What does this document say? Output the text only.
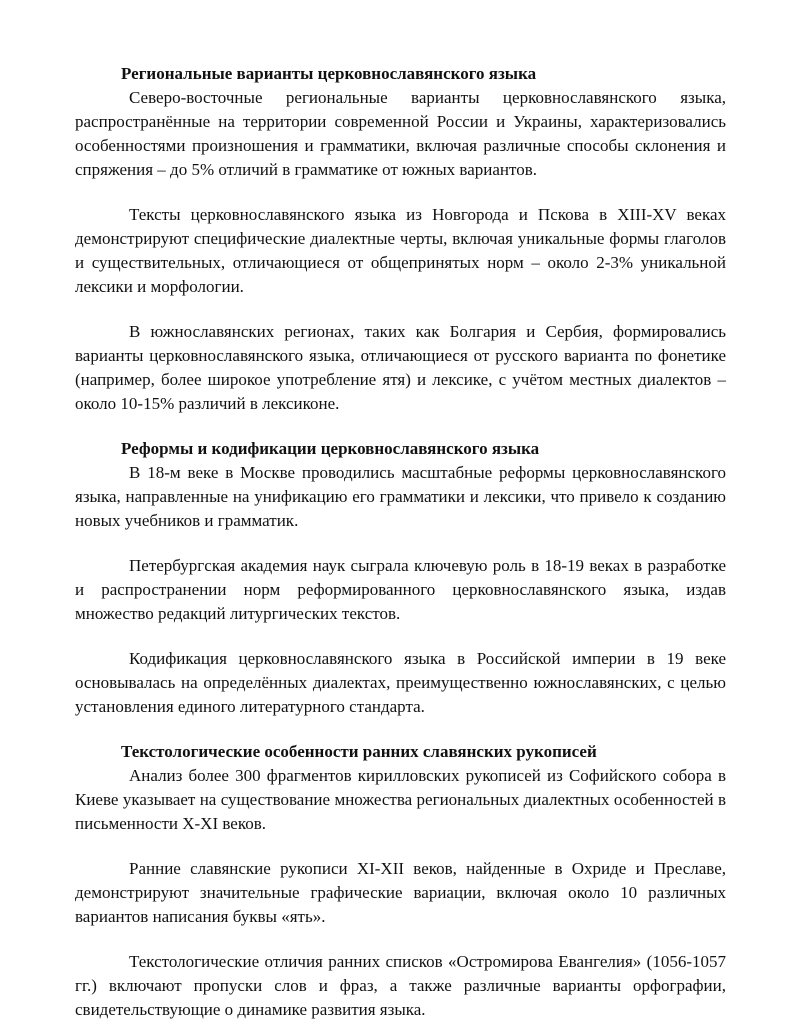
Региональные варианты церковнославянского языка

Северо-восточные региональные варианты церковнославянского языка, распространённые на территории современной России и Украины, характеризовались особенностями произношения и грамматики, включая различные способы склонения и спряжения – до 5% отличий в грамматике от южных вариантов.

Тексты церковнославянского языка из Новгорода и Пскова в XIII-XV веках демонстрируют специфические диалектные черты, включая уникальные формы глаголов и существительных, отличающиеся от общепринятых норм – около 2-3% уникальной лексики и морфологии.

В южнославянских регионах, таких как Болгария и Сербия, формировались варианты церковнославянского языка, отличающиеся от русского варианта по фонетике (например, более широкое употребление ятя) и лексике, с учётом местных диалектов – около 10-15% различий в лексиконе.

Реформы и кодификации церковнославянского языка

В 18-м веке в Москве проводились масштабные реформы церковнославянского языка, направленные на унификацию его грамматики и лексики, что привело к созданию новых учебников и грамматик.

Петербургская академия наук сыграла ключевую роль в 18-19 веках в разработке и распространении норм реформированного церковнославянского языка, издав множество редакций литургических текстов.

Кодификация церковнославянского языка в Российской империи в 19 веке основывалась на определённых диалектах, преимущественно южнославянских, с целью установления единого литературного стандарта.

Текстологические особенности ранних славянских рукописей

Анализ более 300 фрагментов кирилловских рукописей из Софийского собора в Киеве указывает на существование множества региональных диалектных особенностей в письменности X-XI веков.

Ранние славянские рукописи XI-XII веков, найденные в Охриде и Преславе, демонстрируют значительные графические вариации, включая около 10 различных вариантов написания буквы «ять».

Текстологические отличия ранних списков «Остромирова Евангелия» (1056-1057 гг.) включают пропуски слов и фраз, а также различные варианты орфографии, свидетельствующие о динамике развития языка.
